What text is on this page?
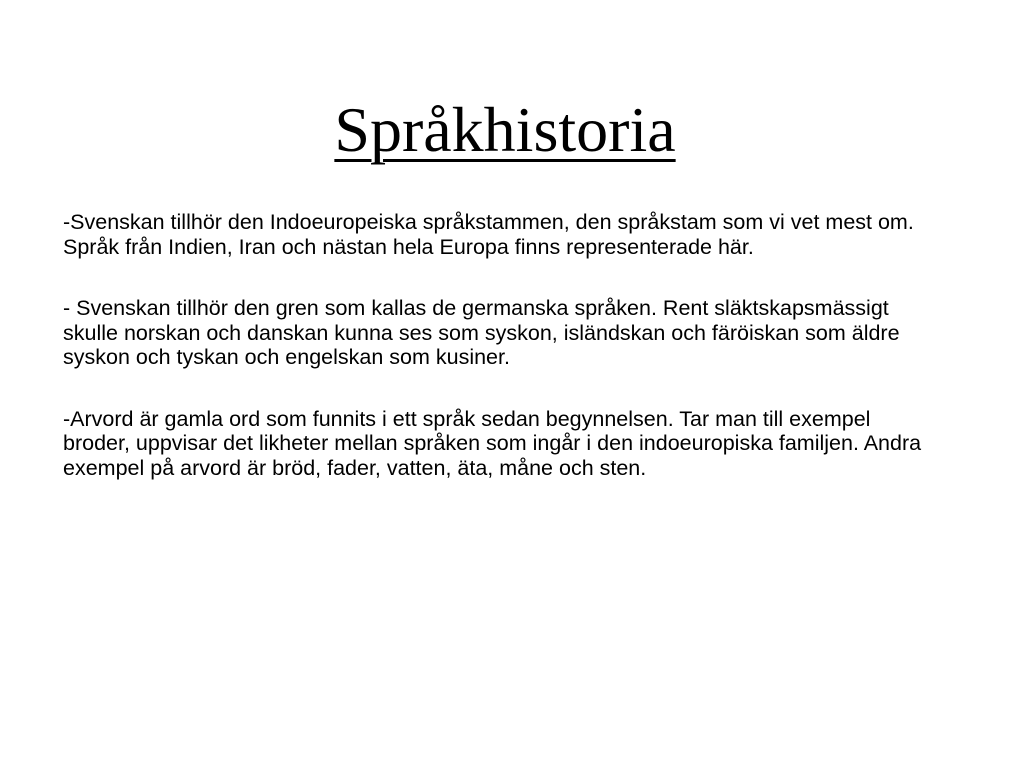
Språkhistoria

-Svenskan tillhör den Indoeuropeiska språkstammen, den språkstam som vi vet mest om. Språk från Indien, Iran och nästan hela Europa finns representerade här.

- Svenskan tillhör den gren som kallas de germanska språken. Rent släktskapsmässigt skulle norskan och danskan kunna ses som syskon, isländskan och färöiskan som äldre syskon och tyskan och engelskan som kusiner.

-Arvord är gamla ord som funnits i ett språk sedan begynnelsen. Tar man till exempel broder, uppvisar det likheter mellan språken som ingår i den indoeuropiska familjen. Andra exempel på arvord är bröd, fader, vatten, äta, måne och sten.
